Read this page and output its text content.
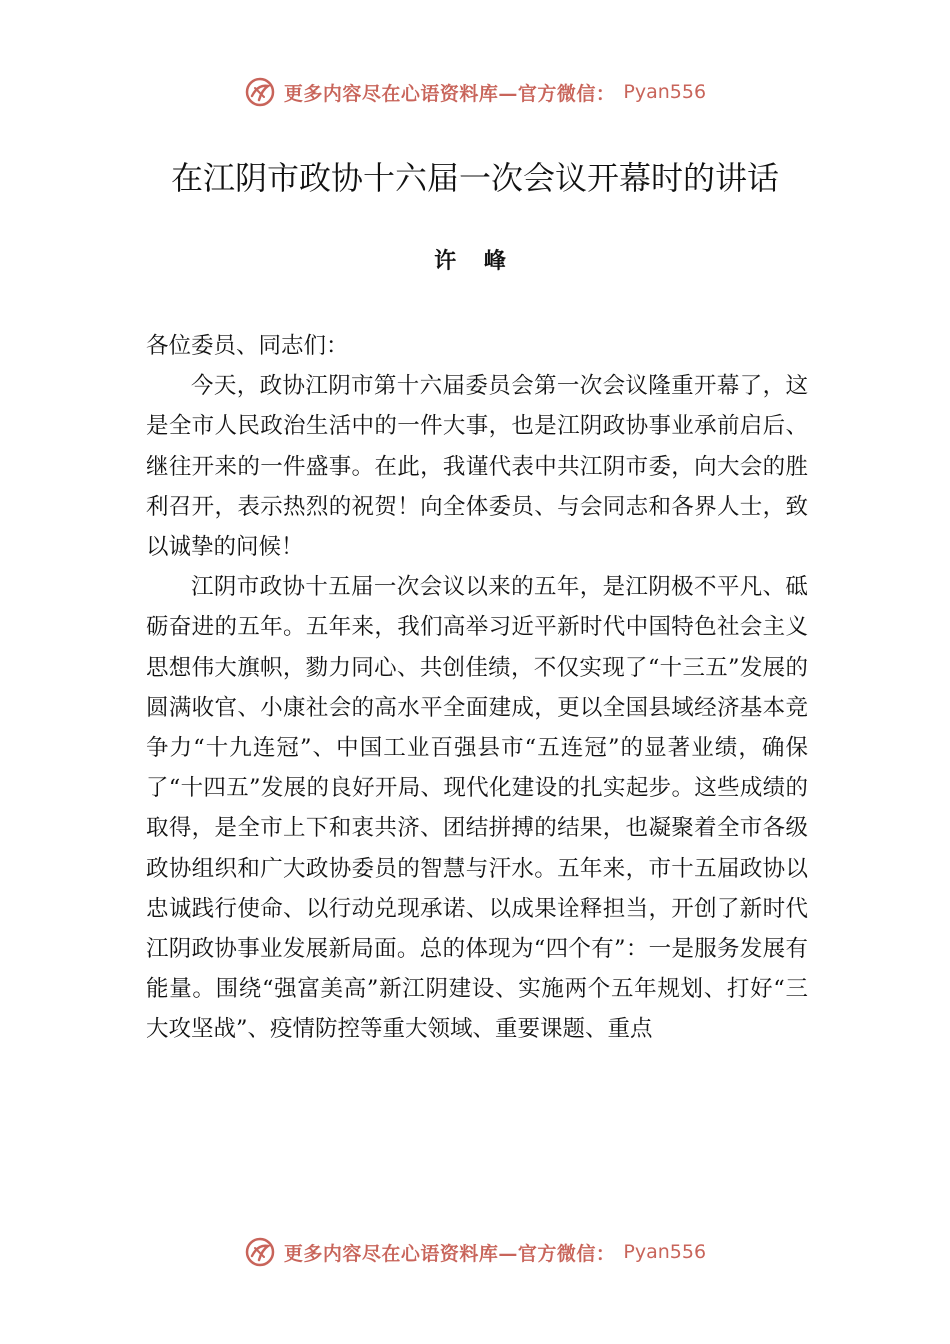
更多内容尽在心语资料库—官方微信： Pyan556
在江阴市政协十六届一次会议开幕时的讲话
许 峰

各位委员、同志们：

今天，政协江阴市第十六届委员会第一次会议隆重开幕了，这是全市人民政治生活中的一件大事，也是江阴政协事业承前启后、继往开来的一件盛事。在此，我谨代表中共江阴市委，向大会的胜利召开，表示热烈的祝贺！向全体委员、与会同志和各界人士，致以诚挚的问候！

江阴市政协十五届一次会议以来的五年，是江阴极不平凡、砥砺奋进的五年。五年来，我们高举习近平新时代中国特色社会主义思想伟大旗帜，勠力同心、共创佳绩，不仅实现了“十三五”发展的圆满收官、小康社会的高水平全面建成，更以全国县域经济基本竞争力“十九连冠”、中国工业百强县市“五连冠”的显著业绩，确保了“十四五”发展的良好开局、现代化建设的扎实起步。这些成绩的取得，是全市上下和衷共济、团结拼搏的结果，也凝聚着全市各级政协组织和广大政协委员的智慧与汗水。五年来，市十五届政协以忠诚践行使命、以行动兑现承诺、以成果诠释担当，开创了新时代江阴政协事业发展新局面。总的体现为“四个有”：一是服务发展有能量。围绕“强富美高”新江阴建设、实施两个五年规划、打好“三大攻坚战”、疫情防控等重大领域、重要课题、重点

更多内容尽在心语资料库—官方微信： Pyan556
